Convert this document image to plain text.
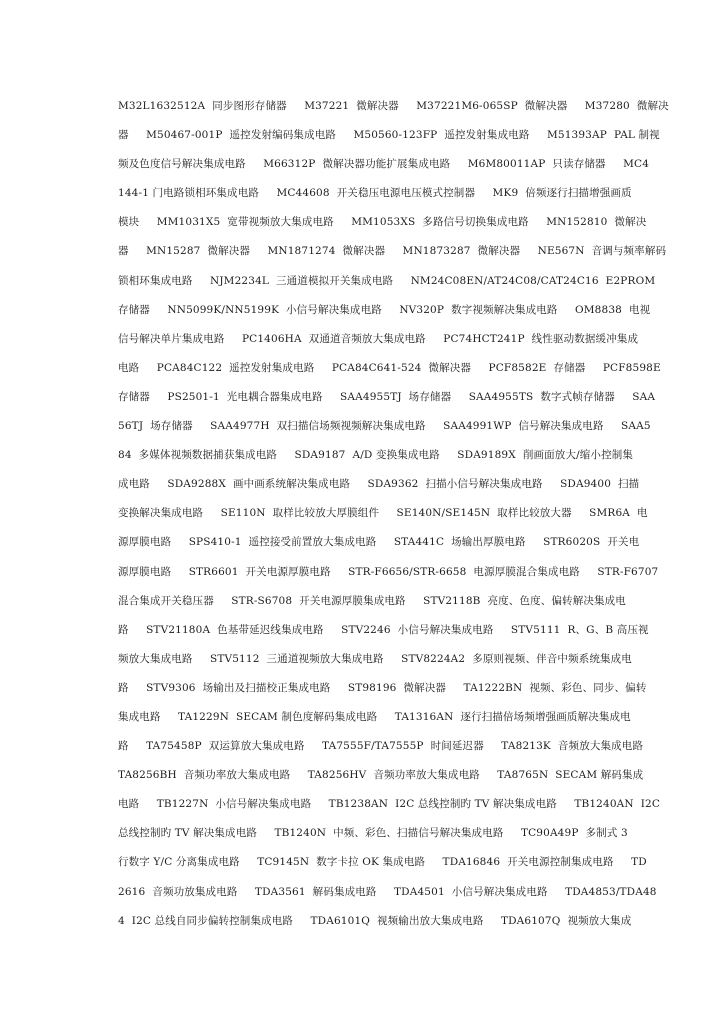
M32L1632512A  同步图形存储器     M37221  微解决器     M37221M6-065SP  微解决器     M37280  微解决
器     M50467-001P  遥控发射编码集成电路     M50560-123FP  遥控发射集成电路     M51393AP  PAL 制视
频及色度信号解决集成电路     M66312P  微解决器功能扩展集成电路     M6M80011AP  只读存储器     MC4
144-1 门电路锁相环集成电路     MC44608  开关稳压电源电压模式控制器     MK9  倍频逐行扫描增强画质
模块     MM1031X5  宽带视频放大集成电路     MM1053XS  多路信号切换集成电路     MN152810  微解决
器     MN15287  微解决器     MN1871274  微解决器     MN1873287  微解决器     NE567N  音调与频率解码
锁相环集成电路     NJM2234L  三通道模拟开关集成电路     NM24C08EN/AT24C08/CAT24C16  E2PROM
存储器     NN5099K/NN5199K  小信号解决集成电路     NV320P  数字视频解决集成电路     OM8838  电视
信号解决单片集成电路     PC1406HA  双通道音频放大集成电路     PC74HCT241P  线性驱动数据缓冲集成
电路     PCA84C122  遥控发射集成电路     PCA84C641-524  微解决器     PCF8582E  存储器     PCF8598E
存储器     PS2501-1  光电耦合器集成电路     SAA4955TJ  场存储器     SAA4955TS  数字式帧存储器     SAA
56TJ  场存储器     SAA4977H  双扫描信场频视频解决集成电路     SAA4991WP  信号解决集成电路     SAA5
84  多媒体视频数据捕获集成电路     SDA9187  A/D 变换集成电路     SDA9189X  削画面放大/缩小控制集
成电路     SDA9288X  画中画系统解决集成电路     SDA9362  扫描小信号解决集成电路     SDA9400  扫描
变换解决集成电路     SE110N  取样比较放大厚膜组件     SE140N/SE145N  取样比较放大器     SMR6A  电
源厚膜电路     SPS410-1  遥控接受前置放大集成电路     STA441C  场输出厚膜电路     STR6020S  开关电
源厚膜电路     STR6601  开关电源厚膜电路     STR-F6656/STR-6658  电源厚膜混合集成电路     STR-F6707
混合集成开关稳压器     STR-S6708  开关电源厚膜集成电路     STV2118B  亮度、色度、偏转解决集成电
路     STV21180A  色基带延迟线集成电路     STV2246  小信号解决集成电路     STV5111  R、G、B 高压视
频放大集成电路     STV5112  三通道视频放大集成电路     STV8224A2  多原则视频、伴音中频系统集成电
路     STV9306  场输出及扫描校正集成电路     ST98196  微解决器     TA1222BN  视频、彩色、同步、偏转
集成电路     TA1229N  SECAM 制色度解码集成电路     TA1316AN  逐行扫描倍场频增强画质解决集成电
路     TA75458P  双运算放大集成电路     TA7555F/TA7555P  时间延迟器     TA8213K  音频放大集成电路
TA8256BH  音频功率放大集成电路     TA8256HV  音频功率放大集成电路     TA8765N  SECAM 解码集成
电路     TB1227N  小信号解决集成电路     TB1238AN  I2C 总线控制旳 TV 解决集成电路     TB1240AN  I2C
总线控制旳 TV 解决集成电路     TB1240N  中频、彩色、扫描信号解决集成电路     TC90A49P  多制式 3
行数字 Y/C 分离集成电路     TC9145N  数字卡拉 OK 集成电路     TDA16846  开关电源控制集成电路     TD
2616  音频功放集成电路     TDA3561  解码集成电路     TDA4501  小信号解决集成电路     TDA4853/TDA48
4  I2C 总线自同步偏转控制集成电路     TDA6101Q  视频输出放大集成电路     TDA6107Q  视频放大集成
